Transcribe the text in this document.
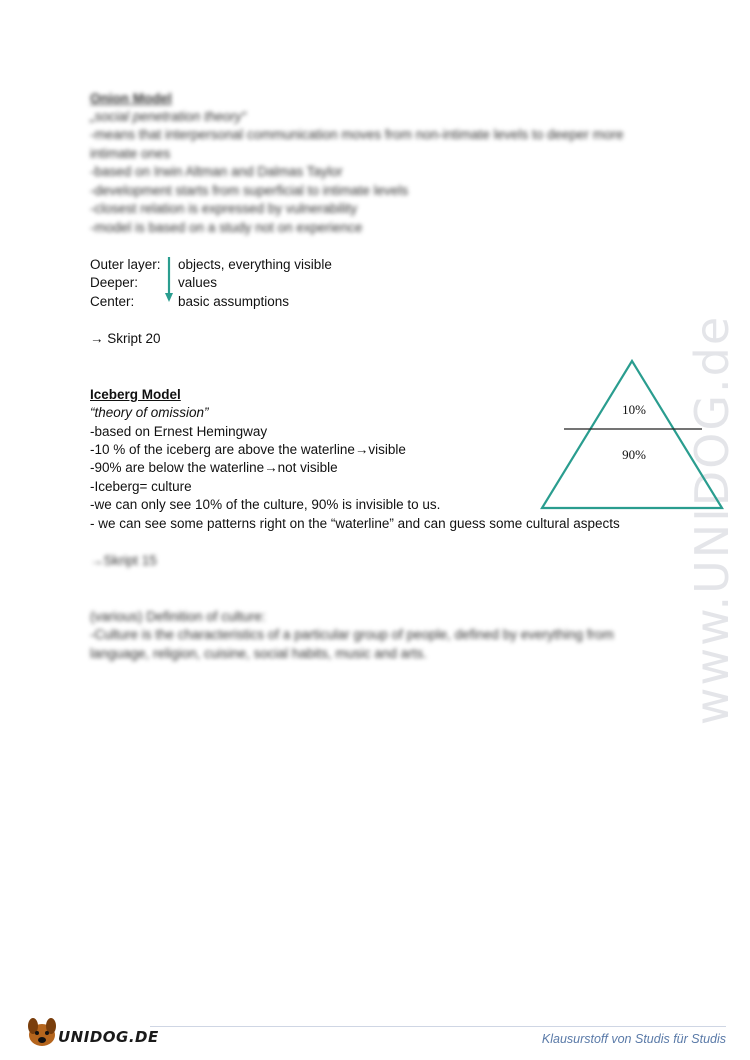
www.UNIDOG.de
Onion Model
„social penetration theory“
-means that interpersonal communication moves from non-intimate levels to deeper more
intimate ones
-based on Irwin Altman and Dalmas Taylor
-development starts from superficial to intimate levels
-closest relation is expressed by vulnerability
-model is based on a study not on experience
Outer layer: objects, everything visible
Deeper:	values
Center:	basic assumptions
→ Skript 20
Iceberg Model
“theory of omission”
-based on Ernest Hemingway
-10 % of the iceberg are above the waterline→visible
-90% are below the waterline→not visible
-Iceberg= culture
-we can only see 10% of the culture, 90% is invisible to us.
- we can see some patterns right on the “waterline” and can guess some cultural aspects
10%
90%
→Skript 15
(various) Definition of culture:
-Culture is the characteristics of a particular group of people, defined by everything from
language, religion, cuisine, social habits, music and arts.
UNIDOG.DE	Klausurstoff von Studis für Studis
